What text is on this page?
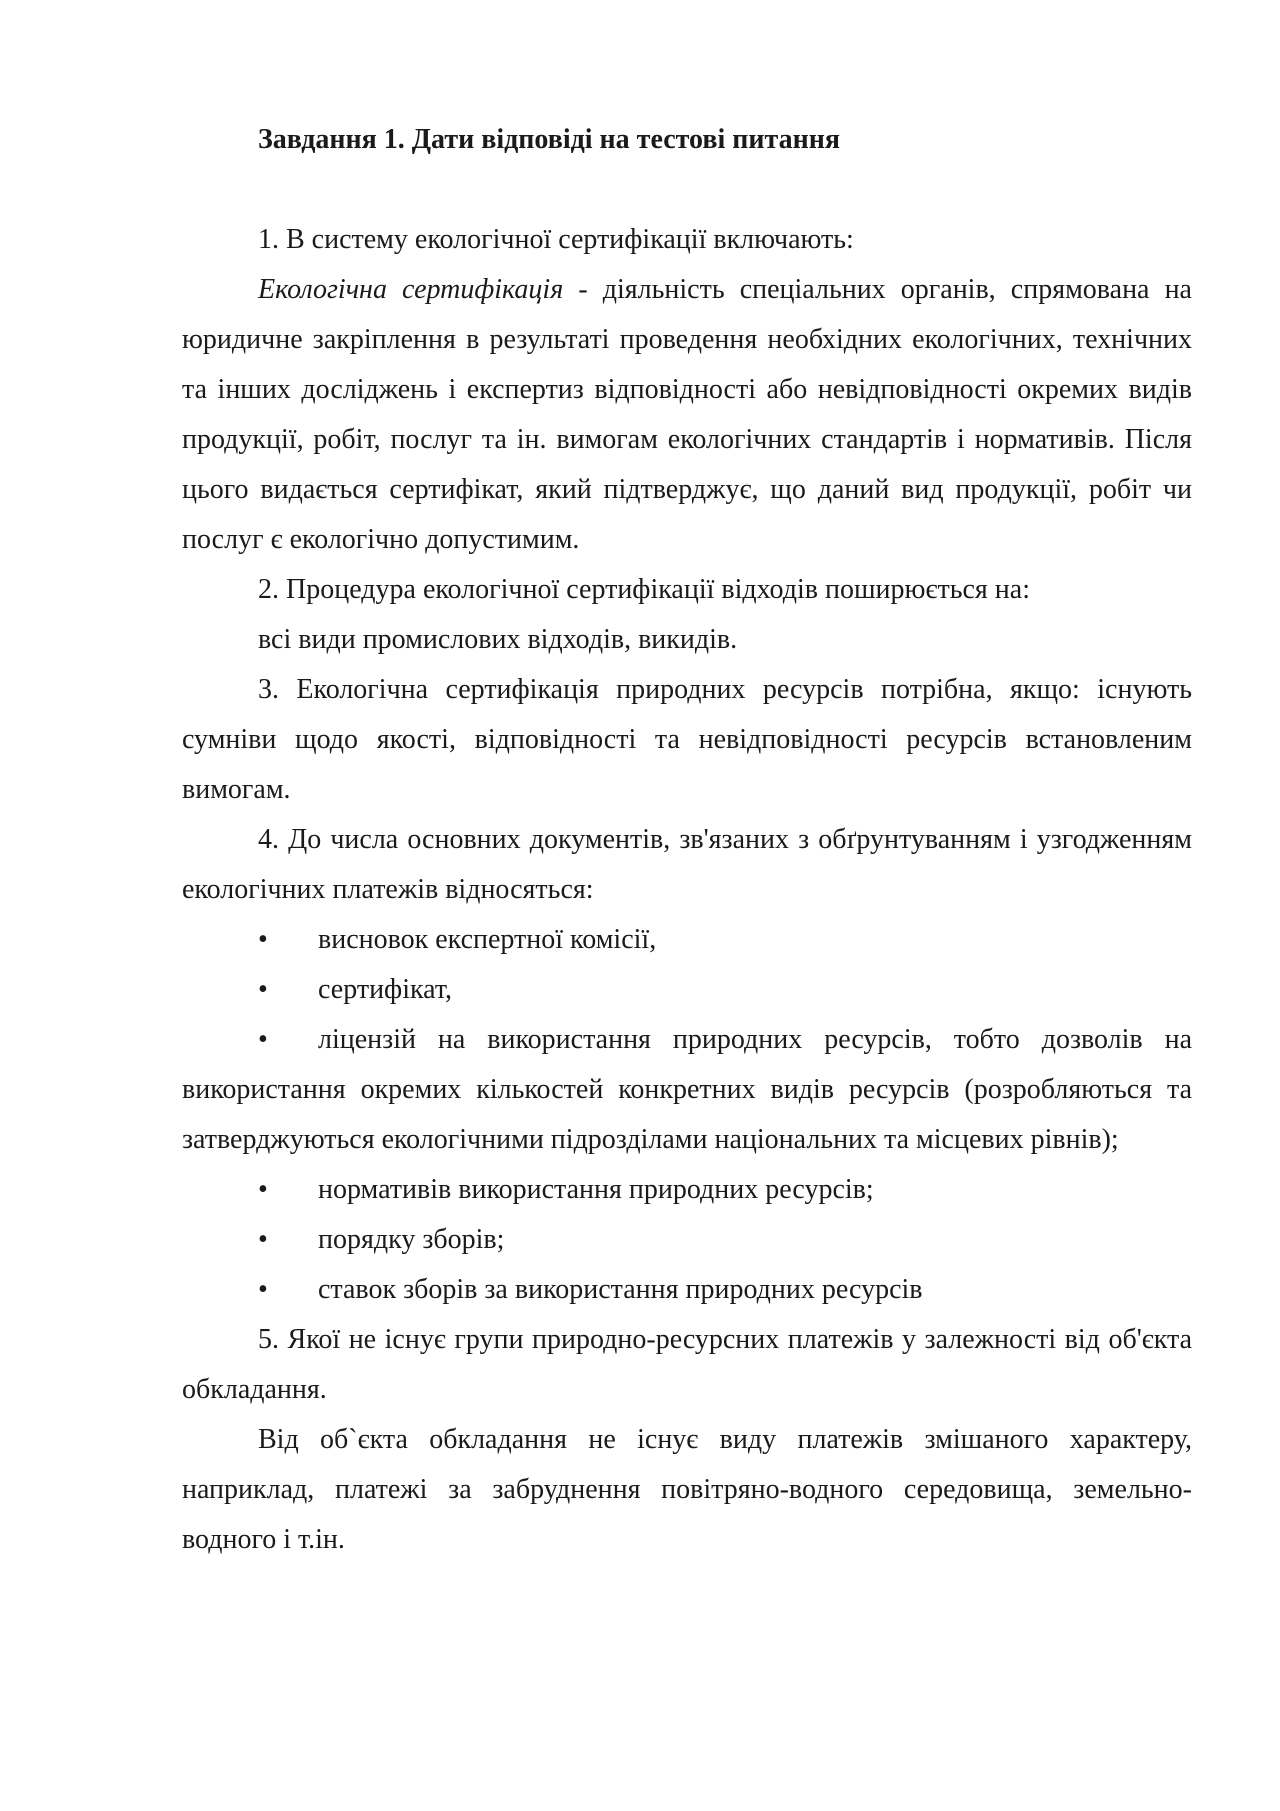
Завдання 1. Дати відповіді на тестові питання

1. В систему екологічної сертифікації включають:

Екологічна сертифікація - діяльність спеціальних органів, спрямована на юридичне закріплення в результаті проведення необхідних екологічних, технічних та інших досліджень і експертиз відповідності або невідповідності окремих видів продукції, робіт, послуг та ін. вимогам екологічних стандартів і нормативів. Після цього видається сертифікат, який підтверджує, що даний вид продукції, робіт чи послуг є екологічно допустимим.

2. Процедура екологічної сертифікації відходів поширюється на:

всі види промислових відходів, викидів.

3. Екологічна сертифікація природних ресурсів потрібна, якщо: існують сумніви щодо якості, відповідності та невідповідності ресурсів встановленим вимогам.

4. До числа основних документів, зв'язаних з обґрунтуванням і узгодженням екологічних платежів відносяться:

•	висновок експертної комісії,
•	сертифікат,
•	ліцензій на використання природних ресурсів, тобто дозволів на використання окремих кількостей конкретних видів ресурсів (розробляються та затверджуються екологічними підрозділами національних та місцевих рівнів);
•	нормативів використання природних ресурсів;
•	порядку зборів;
•	ставок зборів за використання природних ресурсів

5. Якої не існує групи природно-ресурсних платежів у залежності від об'єкта обкладання.

Від об`єкта обкладання не існує виду платежів змішаного характеру, наприклад, платежі за забруднення повітряно-водного середовища, земельно-водного і т.ін.
